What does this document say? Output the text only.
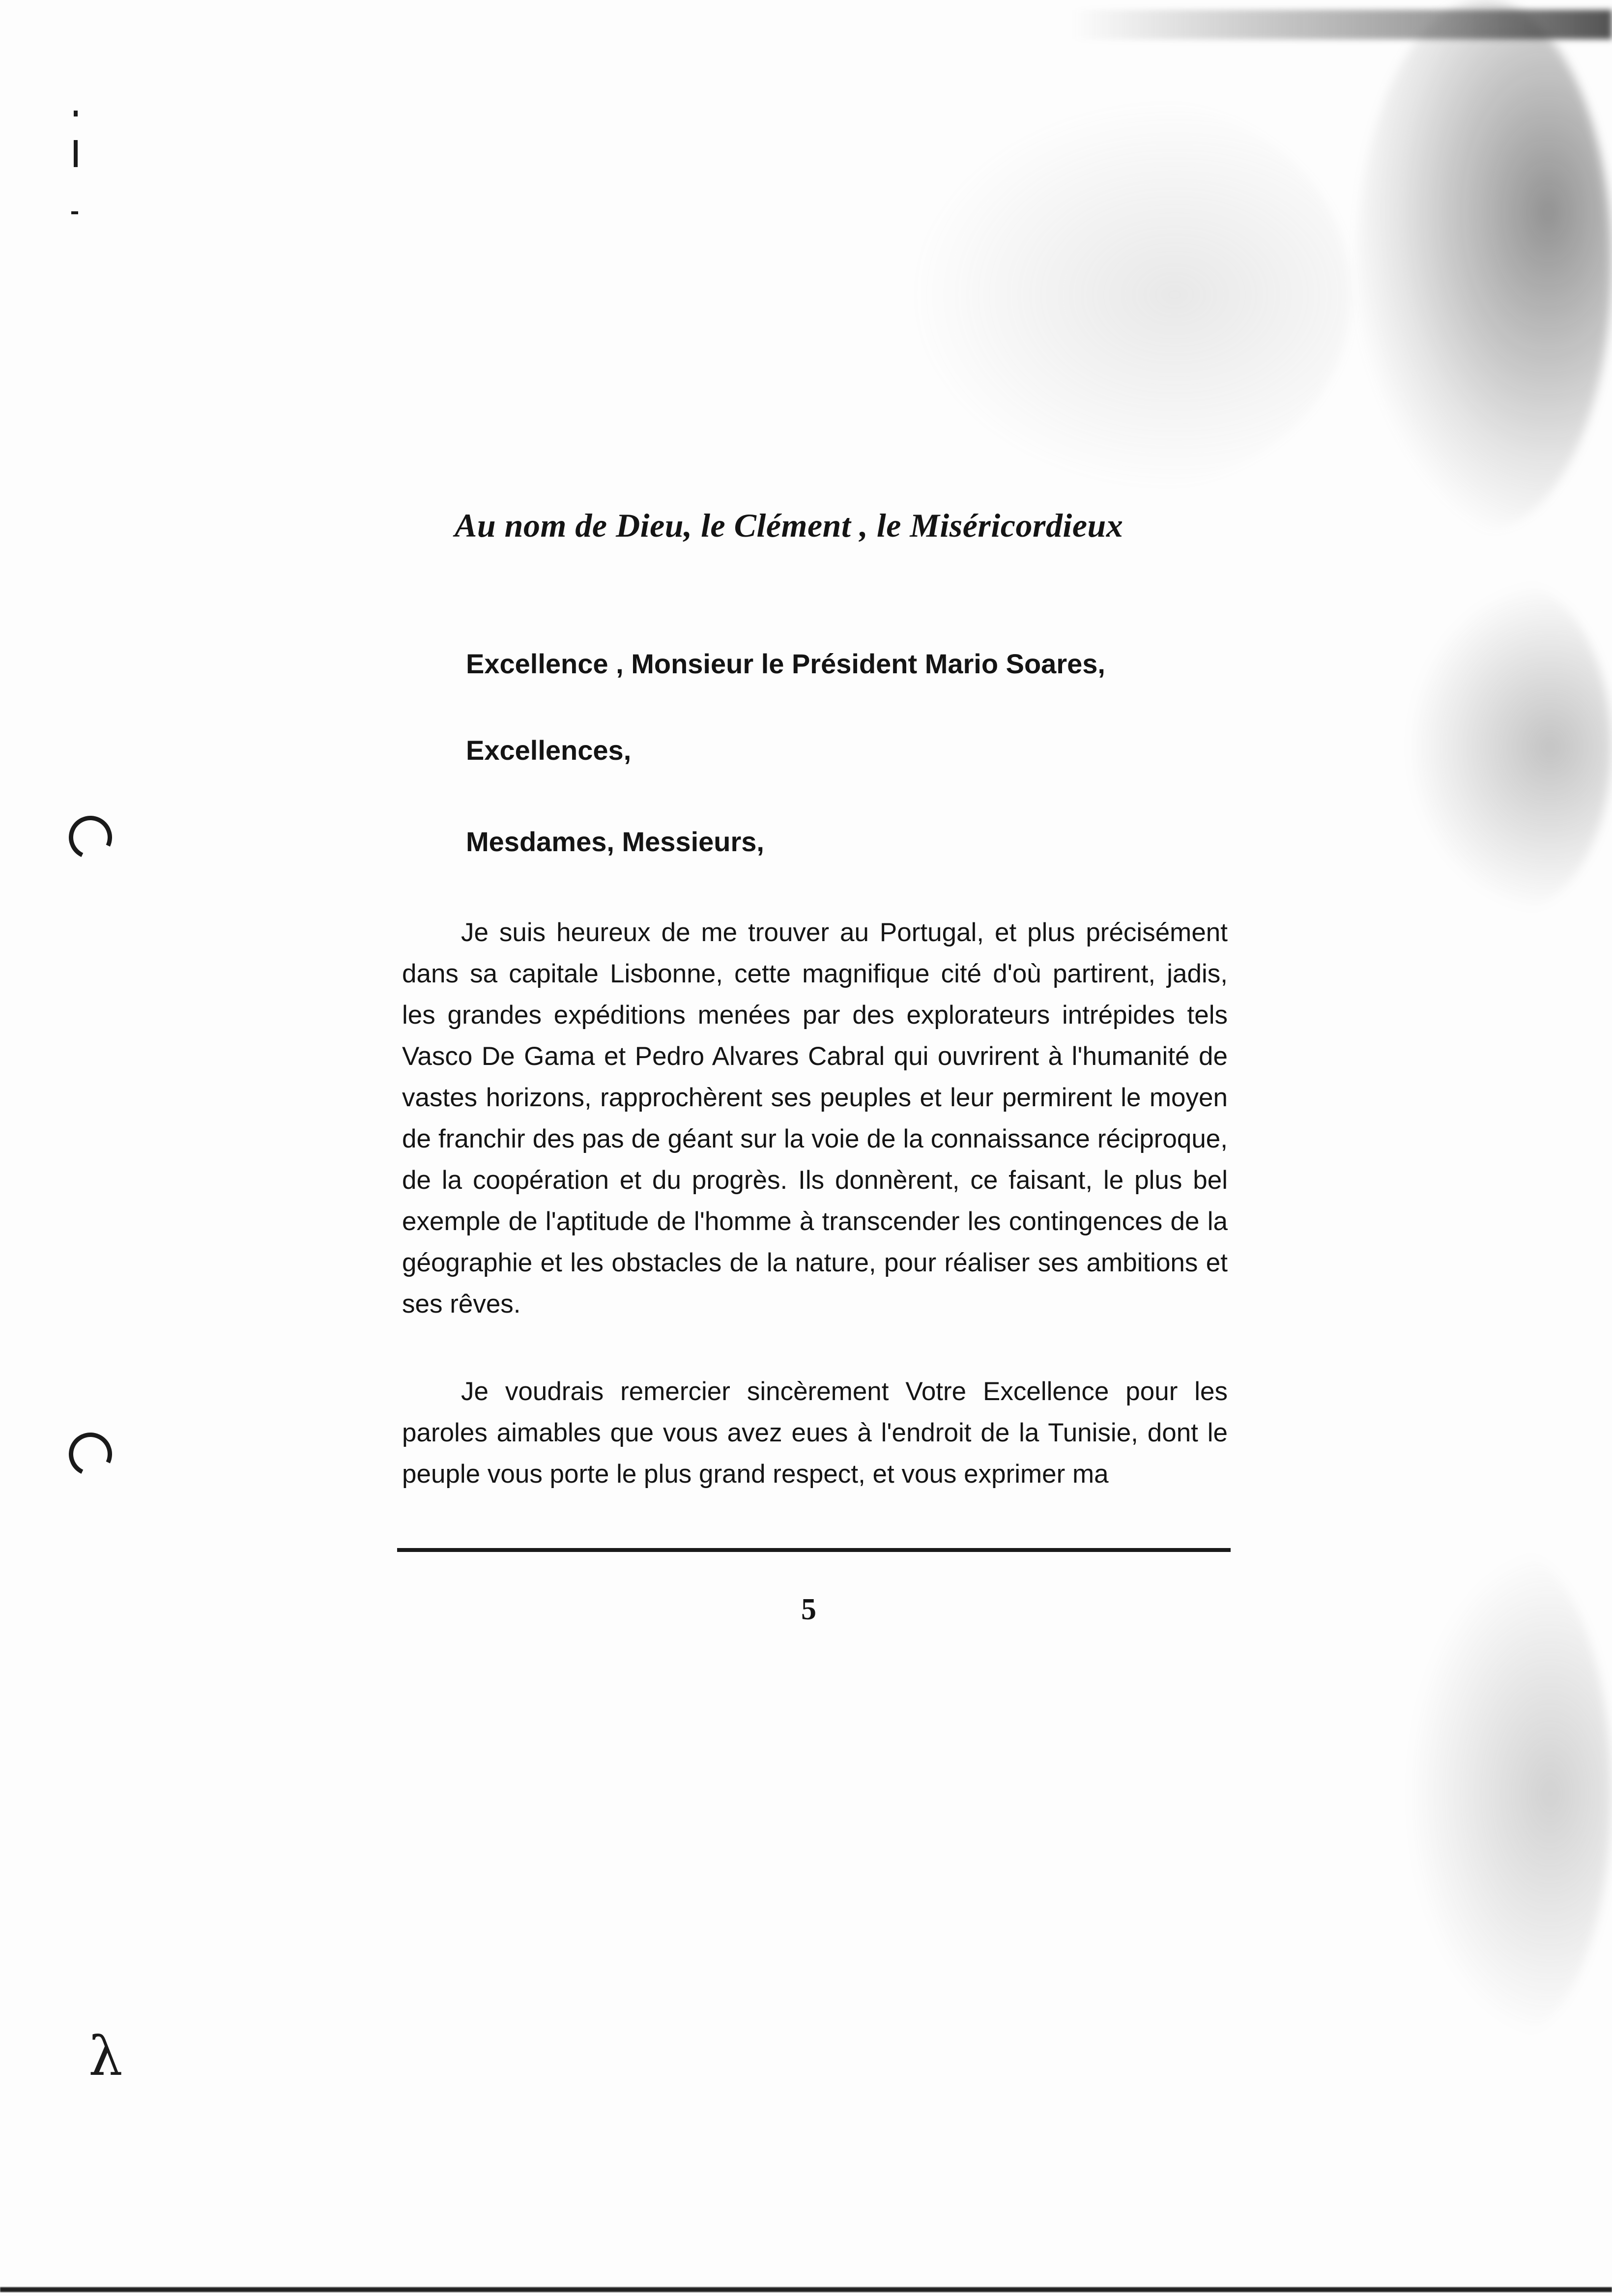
Au nom de Dieu, le Clément , le Miséricordieux
Excellence , Monsieur le Président Mario Soares,
Excellences,
Mesdames, Messieurs,

Je suis heureux de me trouver au Portugal, et plus précisément dans sa capitale Lisbonne, cette magnifique cité d'où partirent, jadis, les grandes expéditions menées par des explorateurs intrépides tels Vasco De Gama et Pedro Alvares Cabral qui ouvrirent à l'humanité de vastes horizons, rapprochèrent ses peuples et leur permirent le moyen de franchir des pas de géant sur la voie de la connaissance réciproque, de la coopération et du progrès. Ils donnèrent, ce faisant, le plus bel exemple de l'aptitude de l'homme à transcender les contingences de la géographie et les obstacles de la nature, pour réaliser ses ambitions et ses rêves.

Je voudrais remercier sincèrement Votre Excellence pour les paroles aimables que vous avez eues à l'endroit de la Tunisie, dont le peuple vous porte le plus grand respect, et vous exprimer ma

5
λ
